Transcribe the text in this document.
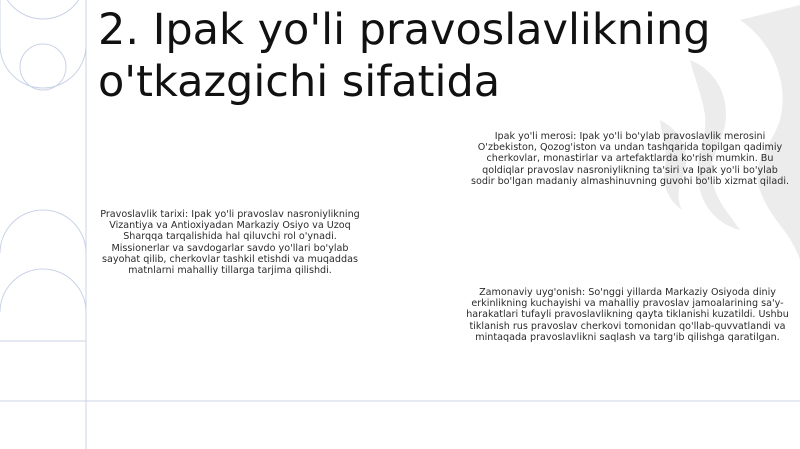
2. Ipak yo'li pravoslavlikning o'tkazgichi sifatida

Ipak yo'li merosi: Ipak yo'li bo'ylab pravoslavlik merosini O'zbekiston, Qozog'iston va undan tashqarida topilgan qadimiy cherkovlar, monastirlar va artefaktlarda ko'rish mumkin. Bu qoldiqlar pravoslav nasroniylikning ta'siri va Ipak yo'li bo'ylab sodir bo'lgan madaniy almashinuvning guvohi bo'lib xizmat qiladi.

Pravoslavlik tarixi: Ipak yo'li pravoslav nasroniylikning Vizantiya va Antioxiyadan Markaziy Osiyo va Uzoq Sharqqa tarqalishida hal qiluvchi rol o'ynadi. Missionerlar va savdogarlar savdo yo'llari bo'ylab sayohat qilib, cherkovlar tashkil etishdi va muqaddas matnlarni mahalliy tillarga tarjima qilishdi.

Zamonaviy uyg'onish: So'nggi yillarda Markaziy Osiyoda diniy erkinlikning kuchayishi va mahalliy pravoslav jamoalarining sa'y-harakatlari tufayli pravoslavlikning qayta tiklanishi kuzatildi. Ushbu tiklanish rus pravoslav cherkovi tomonidan qo'llab-quvvatlandi va mintaqada pravoslavlikni saqlash va targ'ib qilishga qaratilgan.
